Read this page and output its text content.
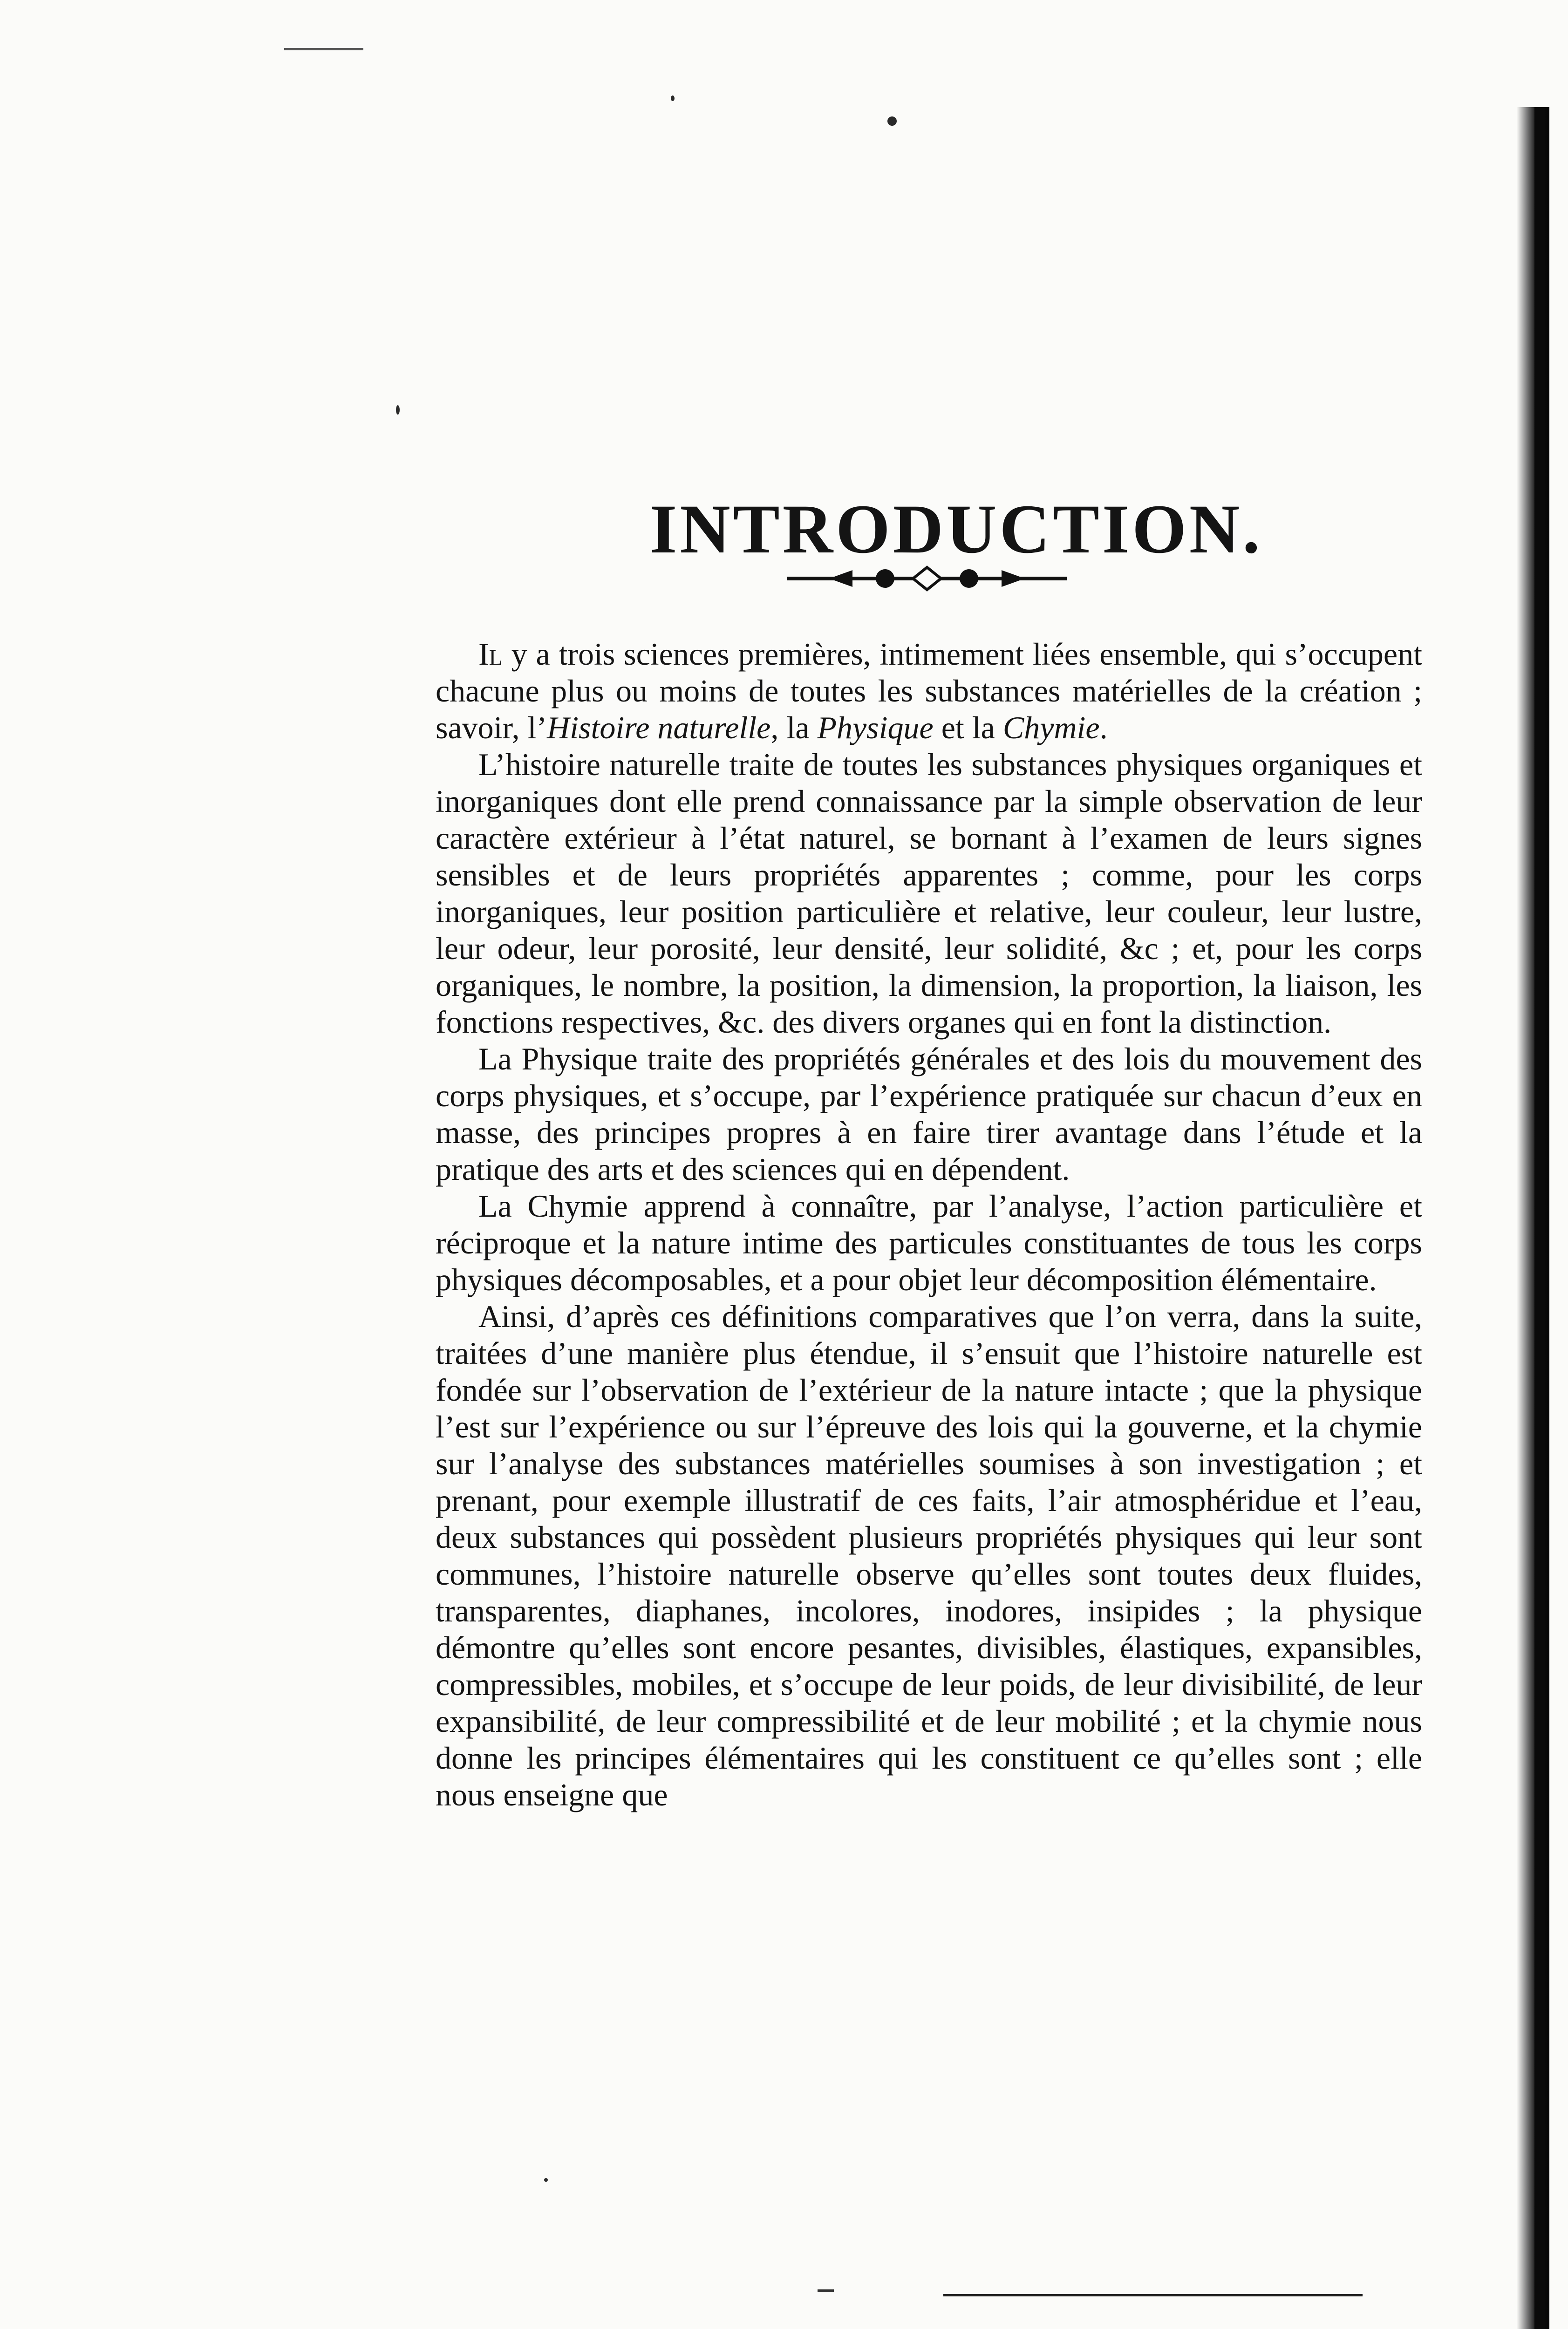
INTRODUCTION.

Il y a trois sciences premières, intimement liées ensemble, qui s’occupent chacune plus ou moins de toutes les substances matérielles de la création ; savoir, l’Histoire naturelle, la Physique et la Chymie.

L’histoire naturelle traite de toutes les substances physiques organiques et inorganiques dont elle prend connaissance par la simple observation de leur caractère extérieur à l’état naturel, se bornant à l’examen de leurs signes sensibles et de leurs propriétés apparentes ; comme, pour les corps inorganiques, leur position particulière et relative, leur couleur, leur lustre, leur odeur, leur porosité, leur densité, leur solidité, &c ; et, pour les corps organiques, le nombre, la position, la dimension, la proportion, la liaison, les fonctions respectives, &c. des divers organes qui en font la distinction.

La Physique traite des propriétés générales et des lois du mouvement des corps physiques, et s’occupe, par l’expérience pratiquée sur chacun d’eux en masse, des principes propres à en faire tirer avantage dans l’étude et la pratique des arts et des sciences qui en dépendent.

La Chymie apprend à connaître, par l’analyse, l’action particulière et réciproque et la nature intime des particules constituantes de tous les corps physiques décomposables, et a pour objet leur décomposition élémentaire.

Ainsi, d’après ces définitions comparatives que l’on verra, dans la suite, traitées d’une manière plus étendue, il s’ensuit que l’histoire naturelle est fondée sur l’observation de l’extérieur de la nature intacte ; que la physique l’est sur l’expérience ou sur l’épreuve des lois qui la gouverne, et la chymie sur l’analyse des substances matérielles soumises à son investigation ; et prenant, pour exemple illustratif de ces faits, l’air atmosphéridue et l’eau, deux substances qui possèdent plusieurs propriétés physiques qui leur sont communes, l’histoire naturelle observe qu’elles sont toutes deux fluides, transparentes, diaphanes, incolores, inodores, insipides ; la physique démontre qu’elles sont encore pesantes, divisibles, élastiques, expansibles, compressibles, mobiles, et s’occupe de leur poids, de leur divisibilité, de leur expansibilité, de leur compressibilité et de leur mobilité ; et la chymie nous donne les principes élémentaires qui les constituent ce qu’elles sont ; elle nous enseigne que
